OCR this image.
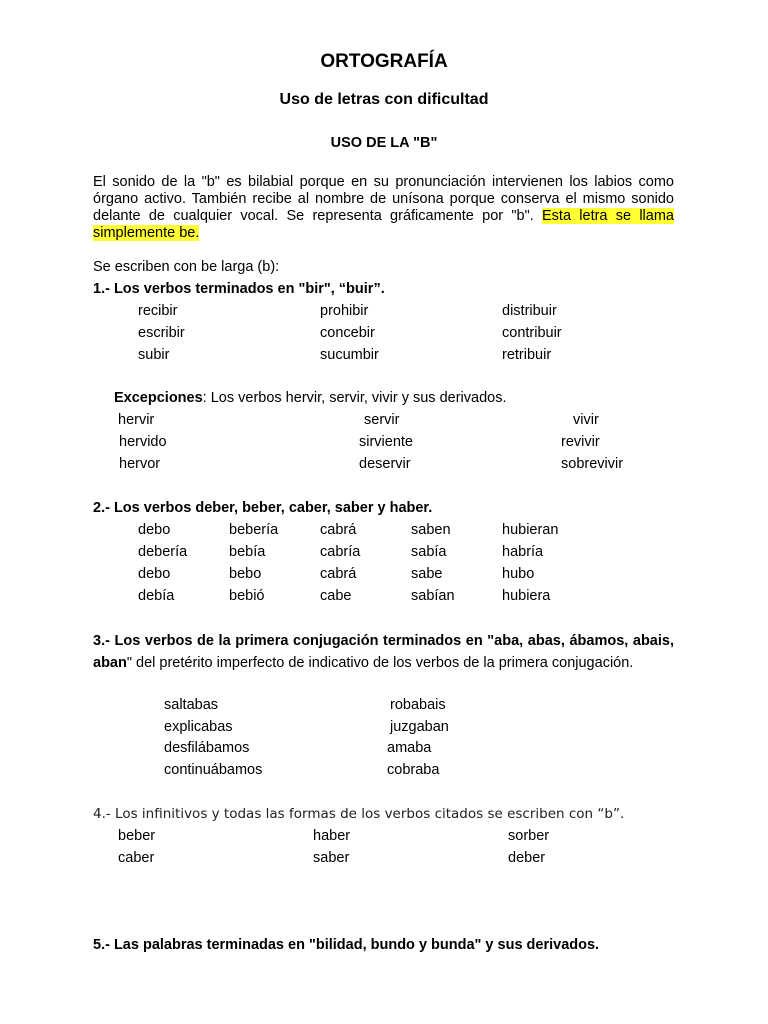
ORTOGRAFÍA
Uso de letras con dificultad
USO DE LA "B"
El sonido de la "b" es bilabial porque en su pronunciación intervienen los labios como órgano activo. También recibe al nombre de unísona porque conserva el mismo sonido delante de cualquier vocal. Se representa gráficamente por "b". Esta letra se llama simplemente be.
Se escriben con be larga (b):
1.- Los verbos terminados en "bir", “buir”.
recibir
escribir
subir
prohibir
concebir
sucumbir
distribuir
contribuir
retribuir
Excepciones: Los verbos hervir, servir, vivir y sus derivados.
hervir
hervido
hervor
servir
sirviente
deservir
vivir
revivir
sobrevivir
2.- Los verbos deber, beber, caber, saber y haber.
debo
debería
debo
debía
bebería
bebía
bebo
bebió
cabrá
cabría
cabrá
cabe
saben
sabía
sabe
sabían
hubieran
habría
hubo
hubiera
3.- Los verbos de la primera conjugación terminados en "aba, abas, ábamos, abais, aban" del pretérito imperfecto de indicativo de los verbos de la primera conjugación.
saltabas
explicabas
desfilábamos
continuábamos
robabais
juzgaban
amaba
cobraba
4.- Los infinitivos y todas las formas de los verbos citados se escriben con “b”.
beber
caber
haber
saber
sorber
deber
5.- Las palabras terminadas en "bilidad, bundo y bunda" y sus derivados.
